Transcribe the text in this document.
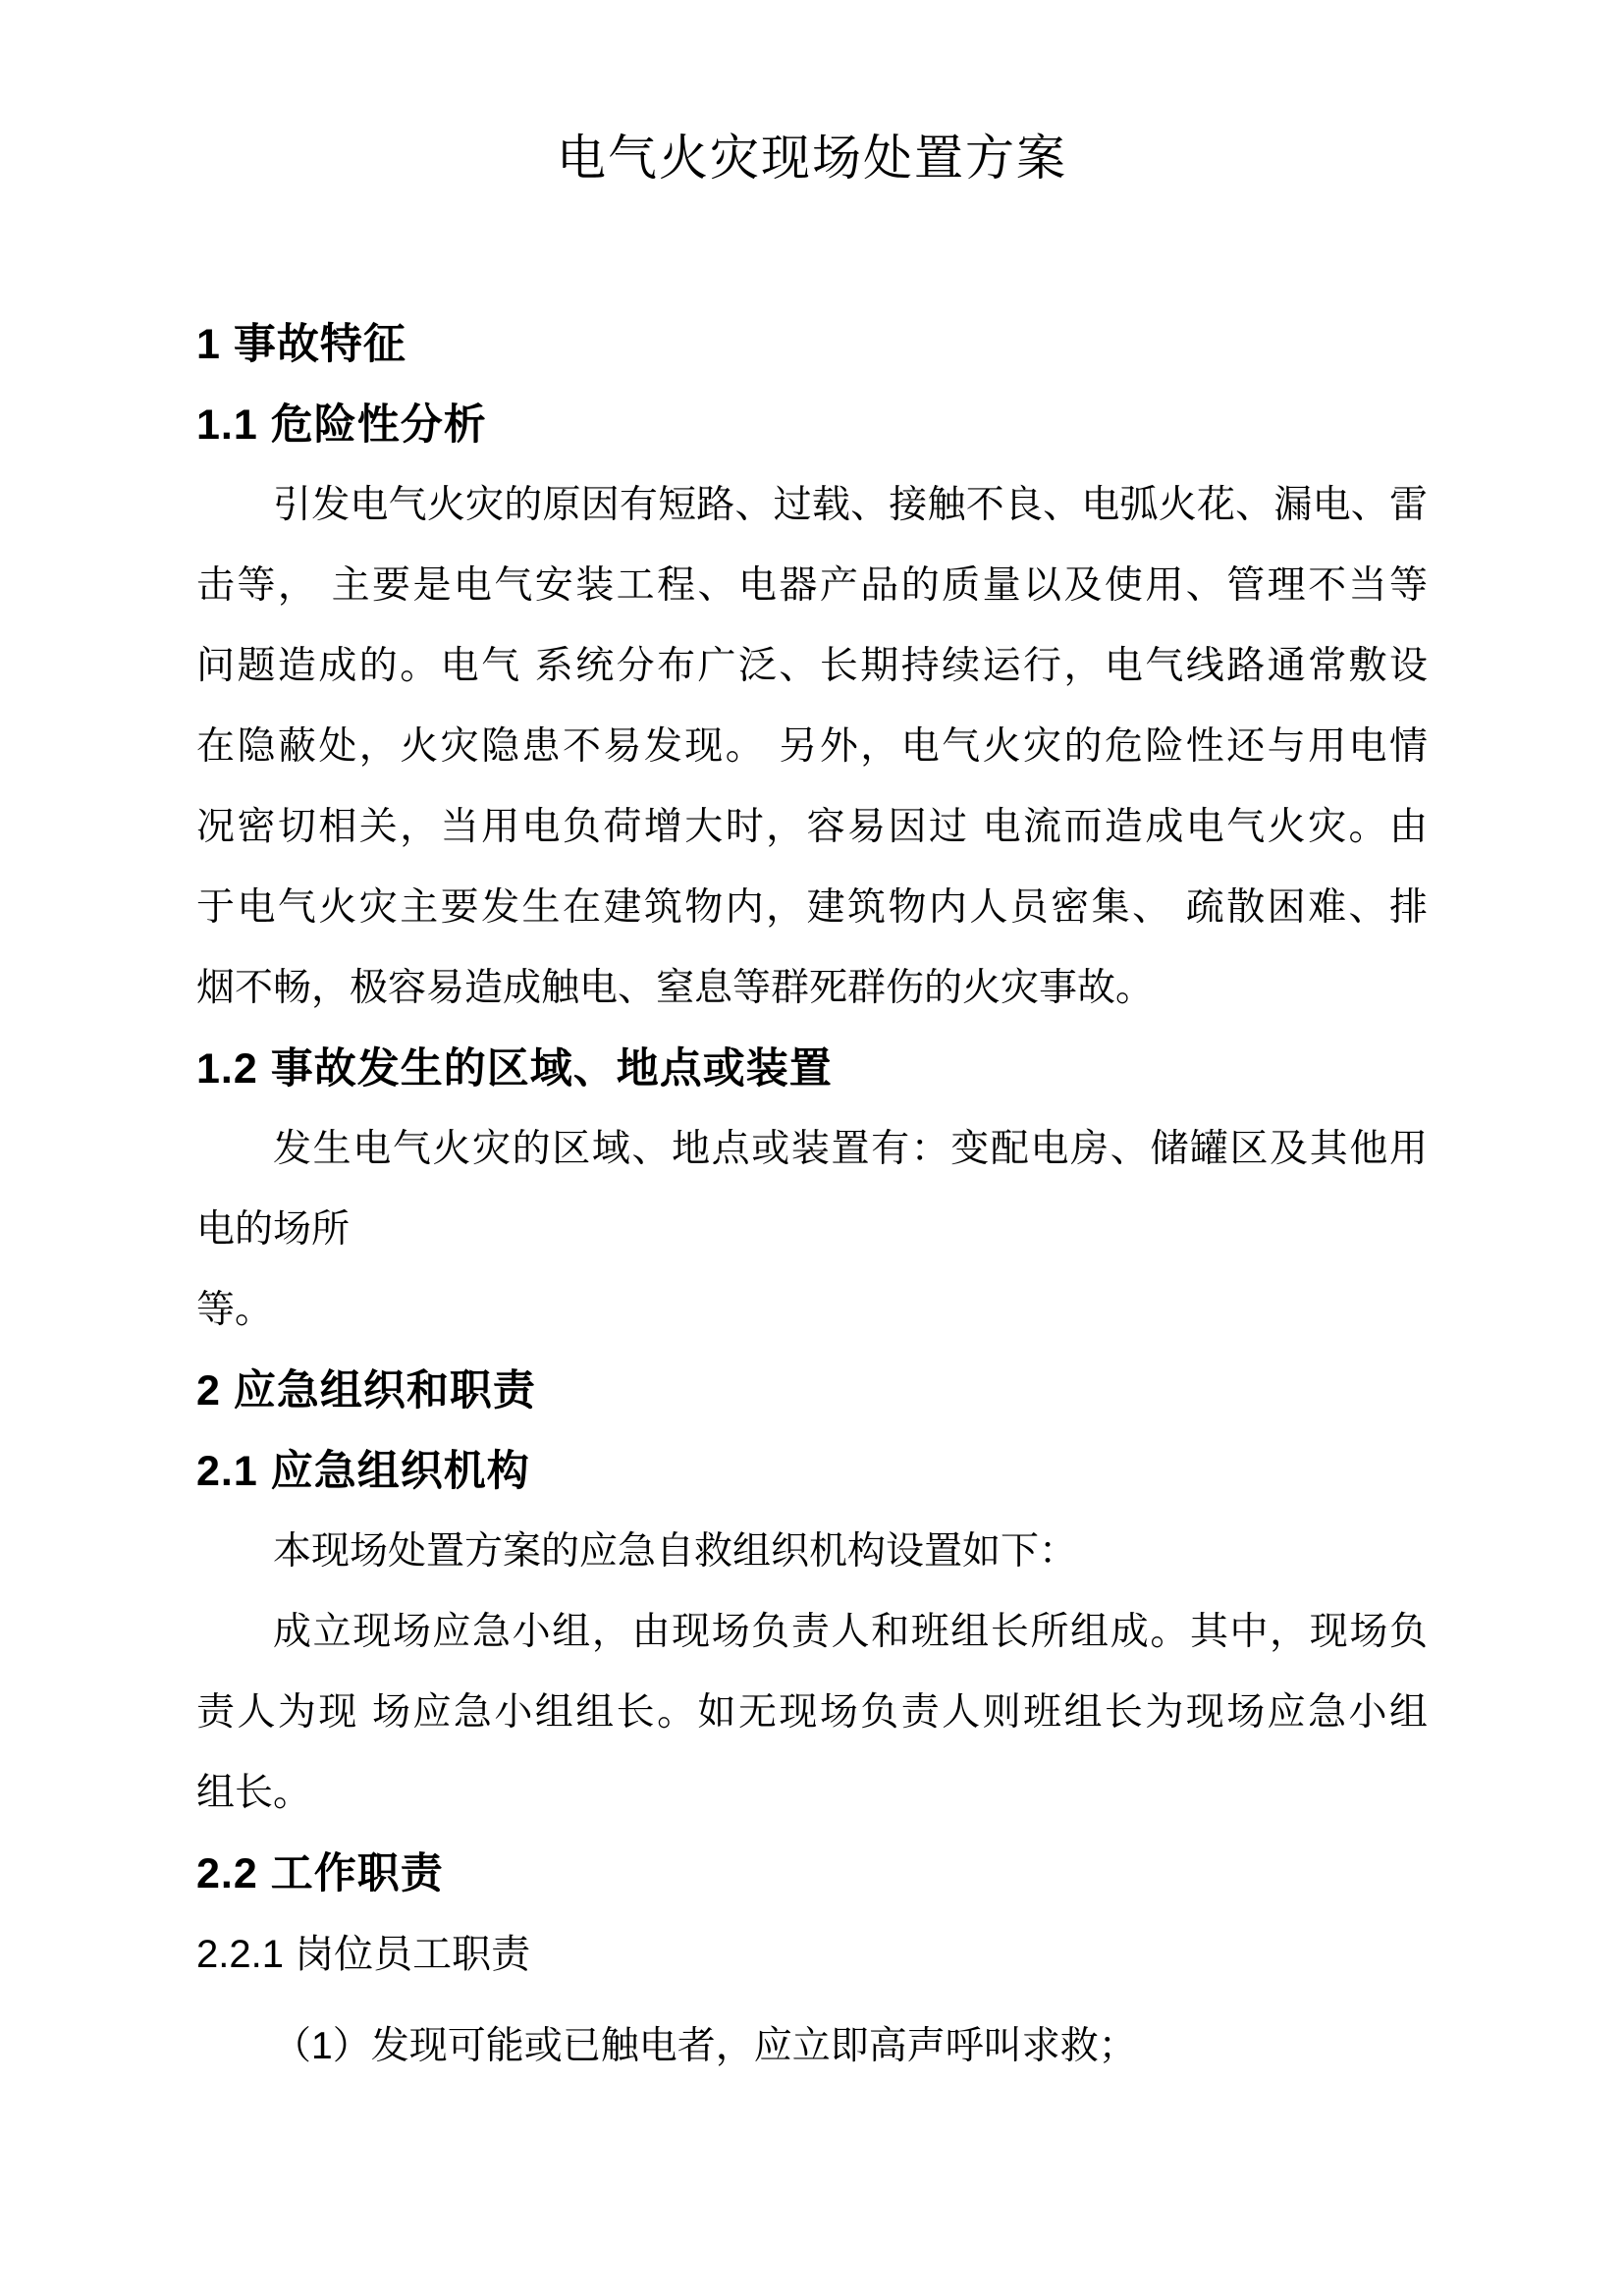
电气火灾现场处置方案
1 事故特征
1.1 危险性分析
引发电气火灾的原因有短路、过载、接触不良、电弧火花、漏电、雷
击等， 主要是电气安装工程、电器产品的质量以及使用、管理不当等
问题造成的。电气 系统分布广泛、长期持续运行，电气线路通常敷设
在隐蔽处，火灾隐患不易发现。 另外，电气火灾的危险性还与用电情
况密切相关，当用电负荷增大时，容易因过 电流而造成电气火灾。由
于电气火灾主要发生在建筑物内，建筑物内人员密集、 疏散困难、排
烟不畅，极容易造成触电、窒息等群死群伤的火灾事故。
1.2 事故发生的区域、地点或装置
发生电气火灾的区域、地点或装置有：变配电房、储罐区及其他用
电的场所
等。
2 应急组织和职责
2.1 应急组织机构
本现场处置方案的应急自救组织机构设置如下：
成立现场应急小组，由现场负责人和班组长所组成。其中，现场负
责人为现 场应急小组组长。如无现场负责人则班组长为现场应急小组
组长。
2.2 工作职责
2.2.1 岗位员工职责
（1）发现可能或已触电者，应立即高声呼叫求救；
